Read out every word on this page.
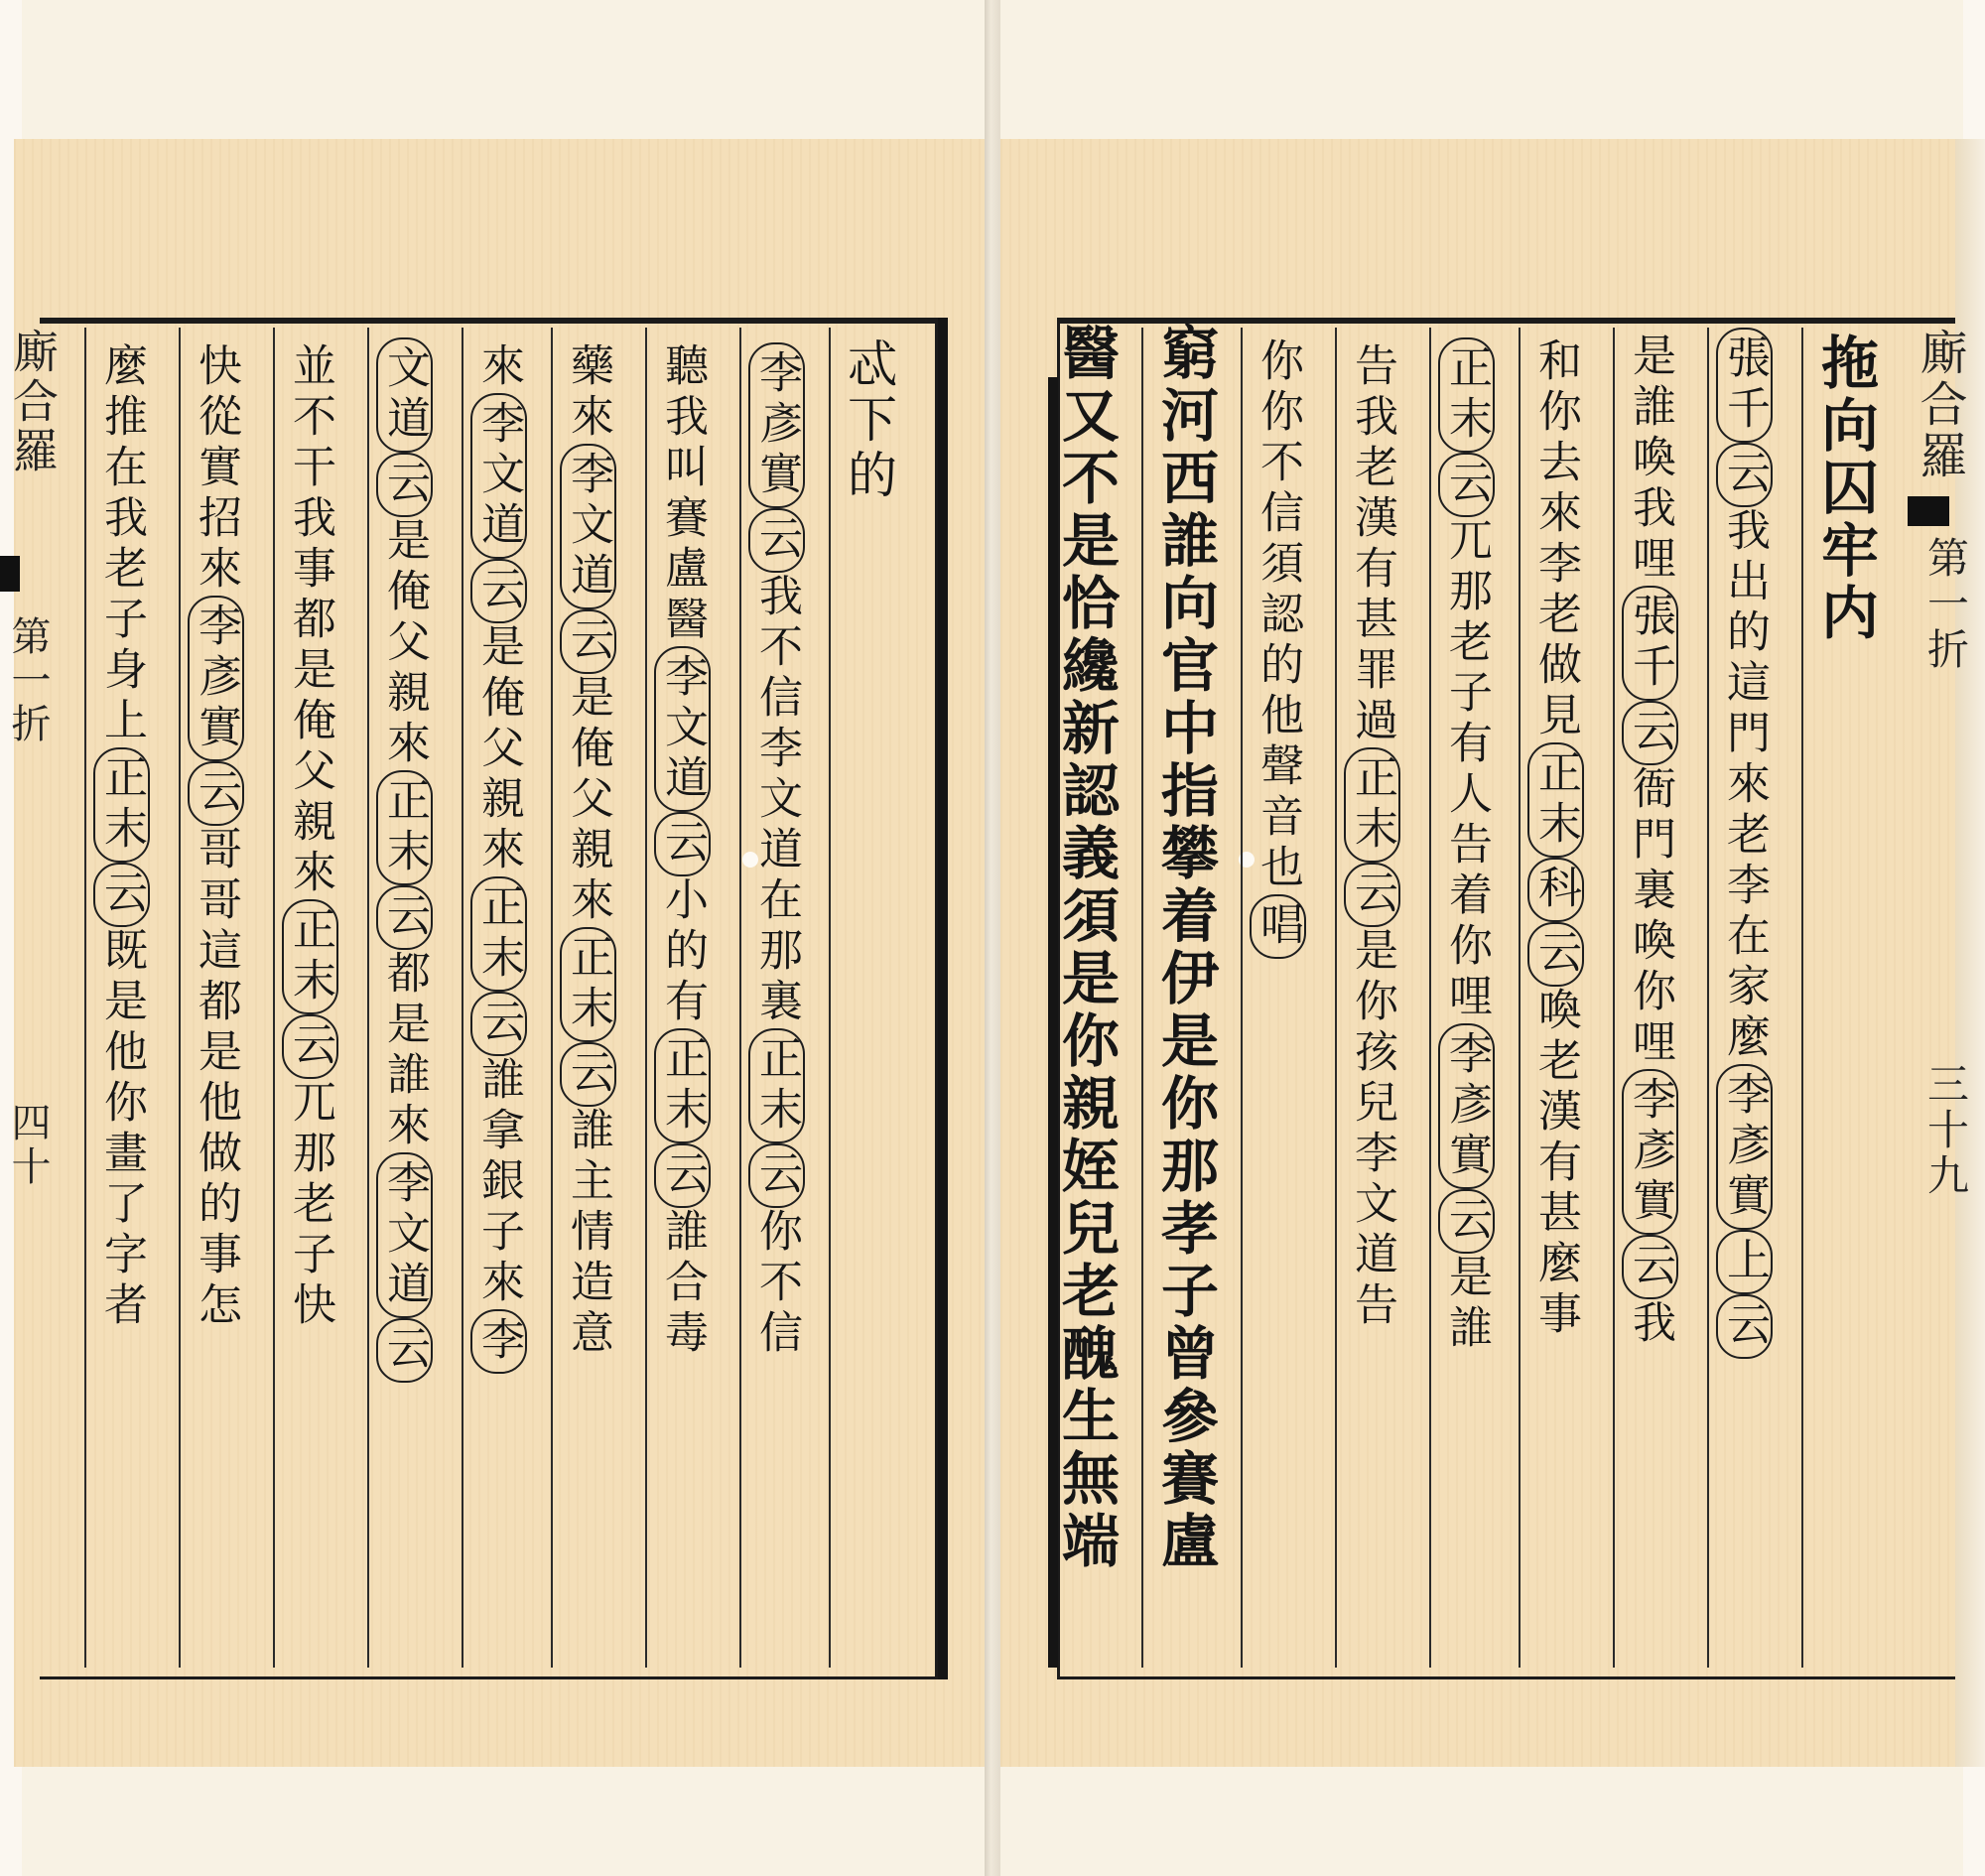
廝合羅
第一折
四十
忒下的
李彥實云我不信李文道在那裏正末云你不信
聽我叫賽盧醫李文道云小的有正末云誰合毒
藥來李文道云是俺父親來正末云誰主情造意
來李文道云是俺父親來正末云誰拿銀子來李
文道云是俺父親來正末云都是誰來李文道云
並不干我事都是俺父親來正末云兀那老子快
快從實招來李彥實云哥哥這都是他做的事怎
麼推在我老子身上正末云既是他你畫了字者
廝合羅
第一折
三十九
拖向囚牢内
張千云我出的這門來老李在家麼李彥實上云
是誰喚我哩張千云衙門裏喚你哩李彥實云我
和你去來李老做見正末科云喚老漢有甚麼事
正末云兀那老子有人告着你哩李彥實云是誰
告我老漢有甚罪過正末云是你孩兒李文道告
你你不信須認的他聲音也唱
窮河西誰向官中指攀着伊是你那孝子曾參賽盧
醫又不是恰纔新認義須是你親姪兒老醜生無端
